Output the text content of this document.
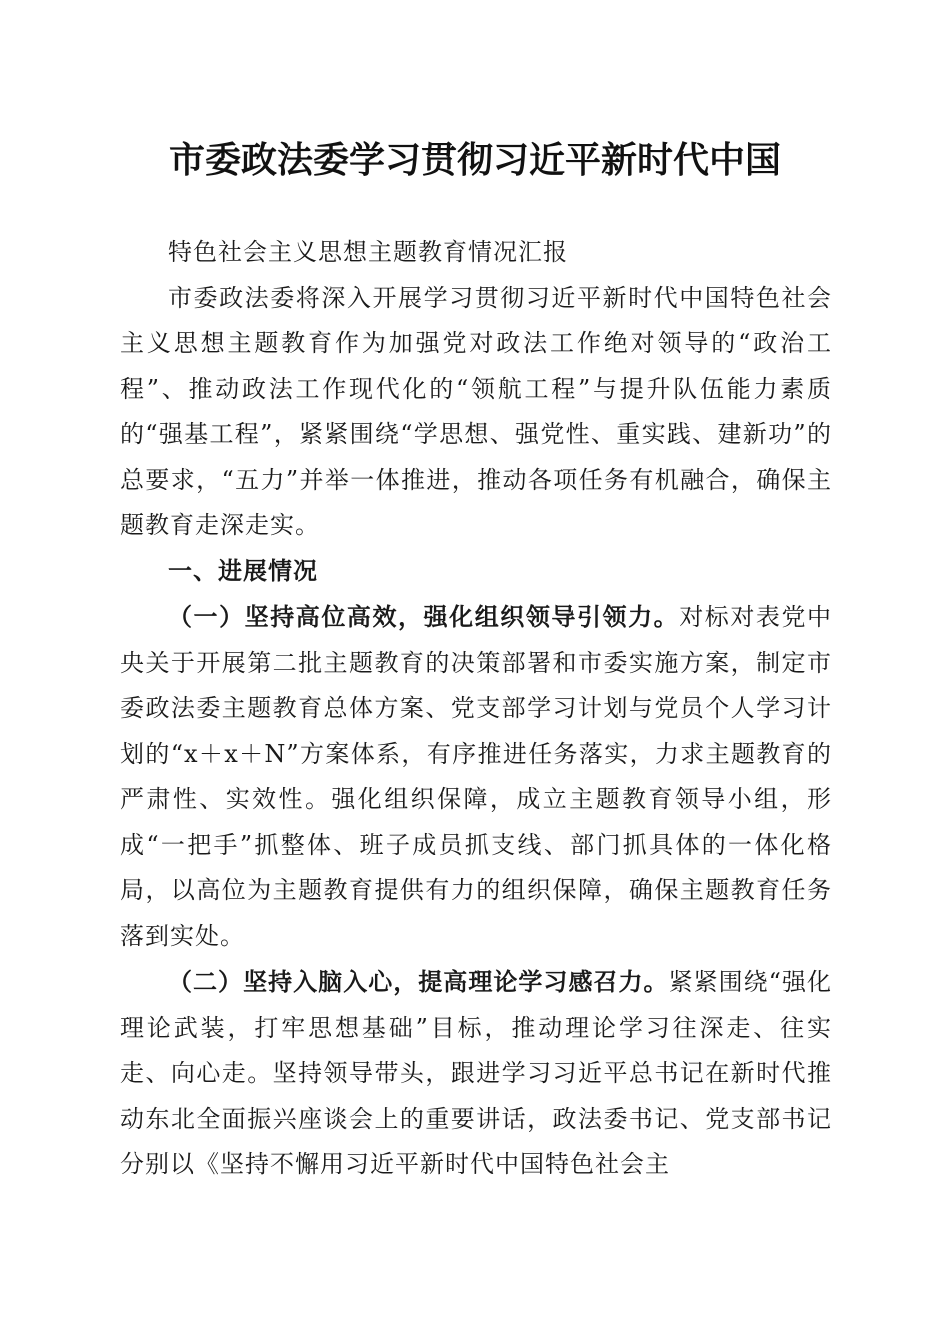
市委政法委学习贯彻习近平新时代中国

特色社会主义思想主题教育情况汇报

市委政法委将深入开展学习贯彻习近平新时代中国特色社会主义思想主题教育作为加强党对政法工作绝对领导的“政治工程”、推动政法工作现代化的“领航工程”与提升队伍能力素质的“强基工程”，紧紧围绕“学思想、强党性、重实践、建新功”的总要求，“五力”并举一体推进，推动各项任务有机融合，确保主题教育走深走实。

一、进展情况

（一）坚持高位高效，强化组织领导引领力。对标对表党中央关于开展第二批主题教育的决策部署和市委实施方案，制定市委政法委主题教育总体方案、党支部学习计划与党员个人学习计划的“x＋x＋N”方案体系，有序推进任务落实，力求主题教育的严肃性、实效性。强化组织保障，成立主题教育领导小组，形成“一把手”抓整体、班子成员抓支线、部门抓具体的一体化格局，以高位为主题教育提供有力的组织保障，确保主题教育任务落到实处。

（二）坚持入脑入心，提高理论学习感召力。紧紧围绕“强化理论武装，打牢思想基础”目标，推动理论学习往深走、往实走、向心走。坚持领导带头，跟进学习习近平总书记在新时代推动东北全面振兴座谈会上的重要讲话，政法委书记、党支部书记分别以《坚持不懈用习近平新时代中国特色社会主
